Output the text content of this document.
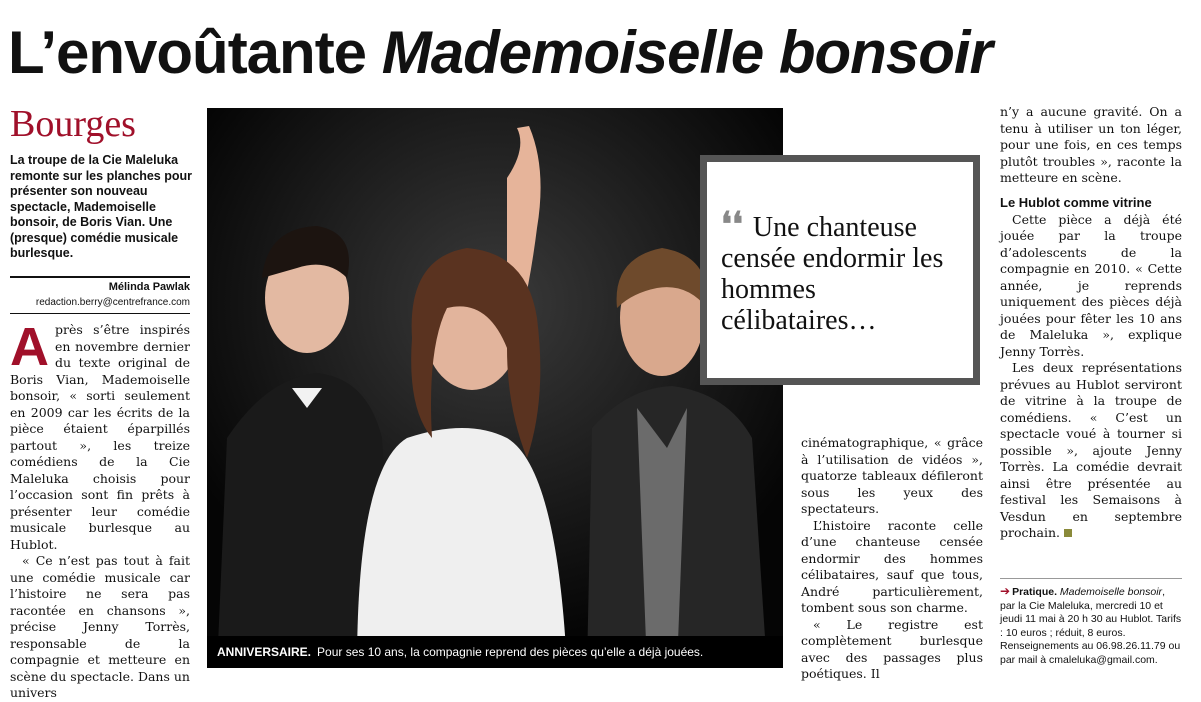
L’envoûtante Mademoiselle bonsoir
Bourges
La troupe de la Cie Maleluka remonte sur les planches pour présenter son nouveau spectacle, Mademoiselle bonsoir, de Boris Vian. Une (presque) comédie musicale burlesque.
Mélinda Pawlak
redaction.berry@centrefrance.com

Après s’être inspirés en novembre dernier du texte original de Boris Vian, Mademoiselle bonsoir, « sorti seulement en 2009 car les écrits de la pièce étaient éparpillés partout », les treize comédiens de la Cie Maleluka choisis pour l’occasion sont fin prêts à présenter leur comédie musicale burlesque au Hublot.

« Ce n’est pas tout à fait une comédie musicale car l’histoire ne sera pas racontée en chansons », précise Jenny Torrès, responsable de la compagnie et metteure en scène du spectacle. Dans un univers

ANNIVERSAIRE. Pour ses 10 ans, la compagnie reprend des pièces qu’elle a déjà jouées.
❛❛ Une chanteuse censée endormir les hommes célibataires…

cinématographique, « grâce à l’utilisation de vidéos », quatorze tableaux défileront sous les yeux des spectateurs.

L’histoire raconte celle d’une chanteuse censée endormir des hommes célibataires, sauf que tous, André particulièrement, tombent sous son charme.

« Le registre est complètement burlesque avec des passages plus poétiques. Il

n’y a aucune gravité. On a tenu à utiliser un ton léger, pour une fois, en ces temps plutôt troubles », raconte la metteure en scène.

Le Hublot comme vitrine

Cette pièce a déjà été jouée par la troupe d’adolescents de la compagnie en 2010. « Cette année, je reprends uniquement des pièces déjà jouées pour fêter les 10 ans de Maleluka », explique Jenny Torrès.

Les deux représentations prévues au Hublot serviront de vitrine à la troupe de comédiens. « C’est un spectacle voué à tourner si possible », ajoute Jenny Torrès. La comédie devrait ainsi être présentée au festival les Semaisons à Vesdun en septembre prochain.

➔ Pratique. Mademoiselle bonsoir, par la Cie Maleluka, mercredi 10 et jeudi 11 mai à 20 h 30 au Hublot. Tarifs : 10 euros ; réduit, 8 euros. Renseignements au 06.98.26.11.79 ou par mail à cmaleluka@gmail.com.
